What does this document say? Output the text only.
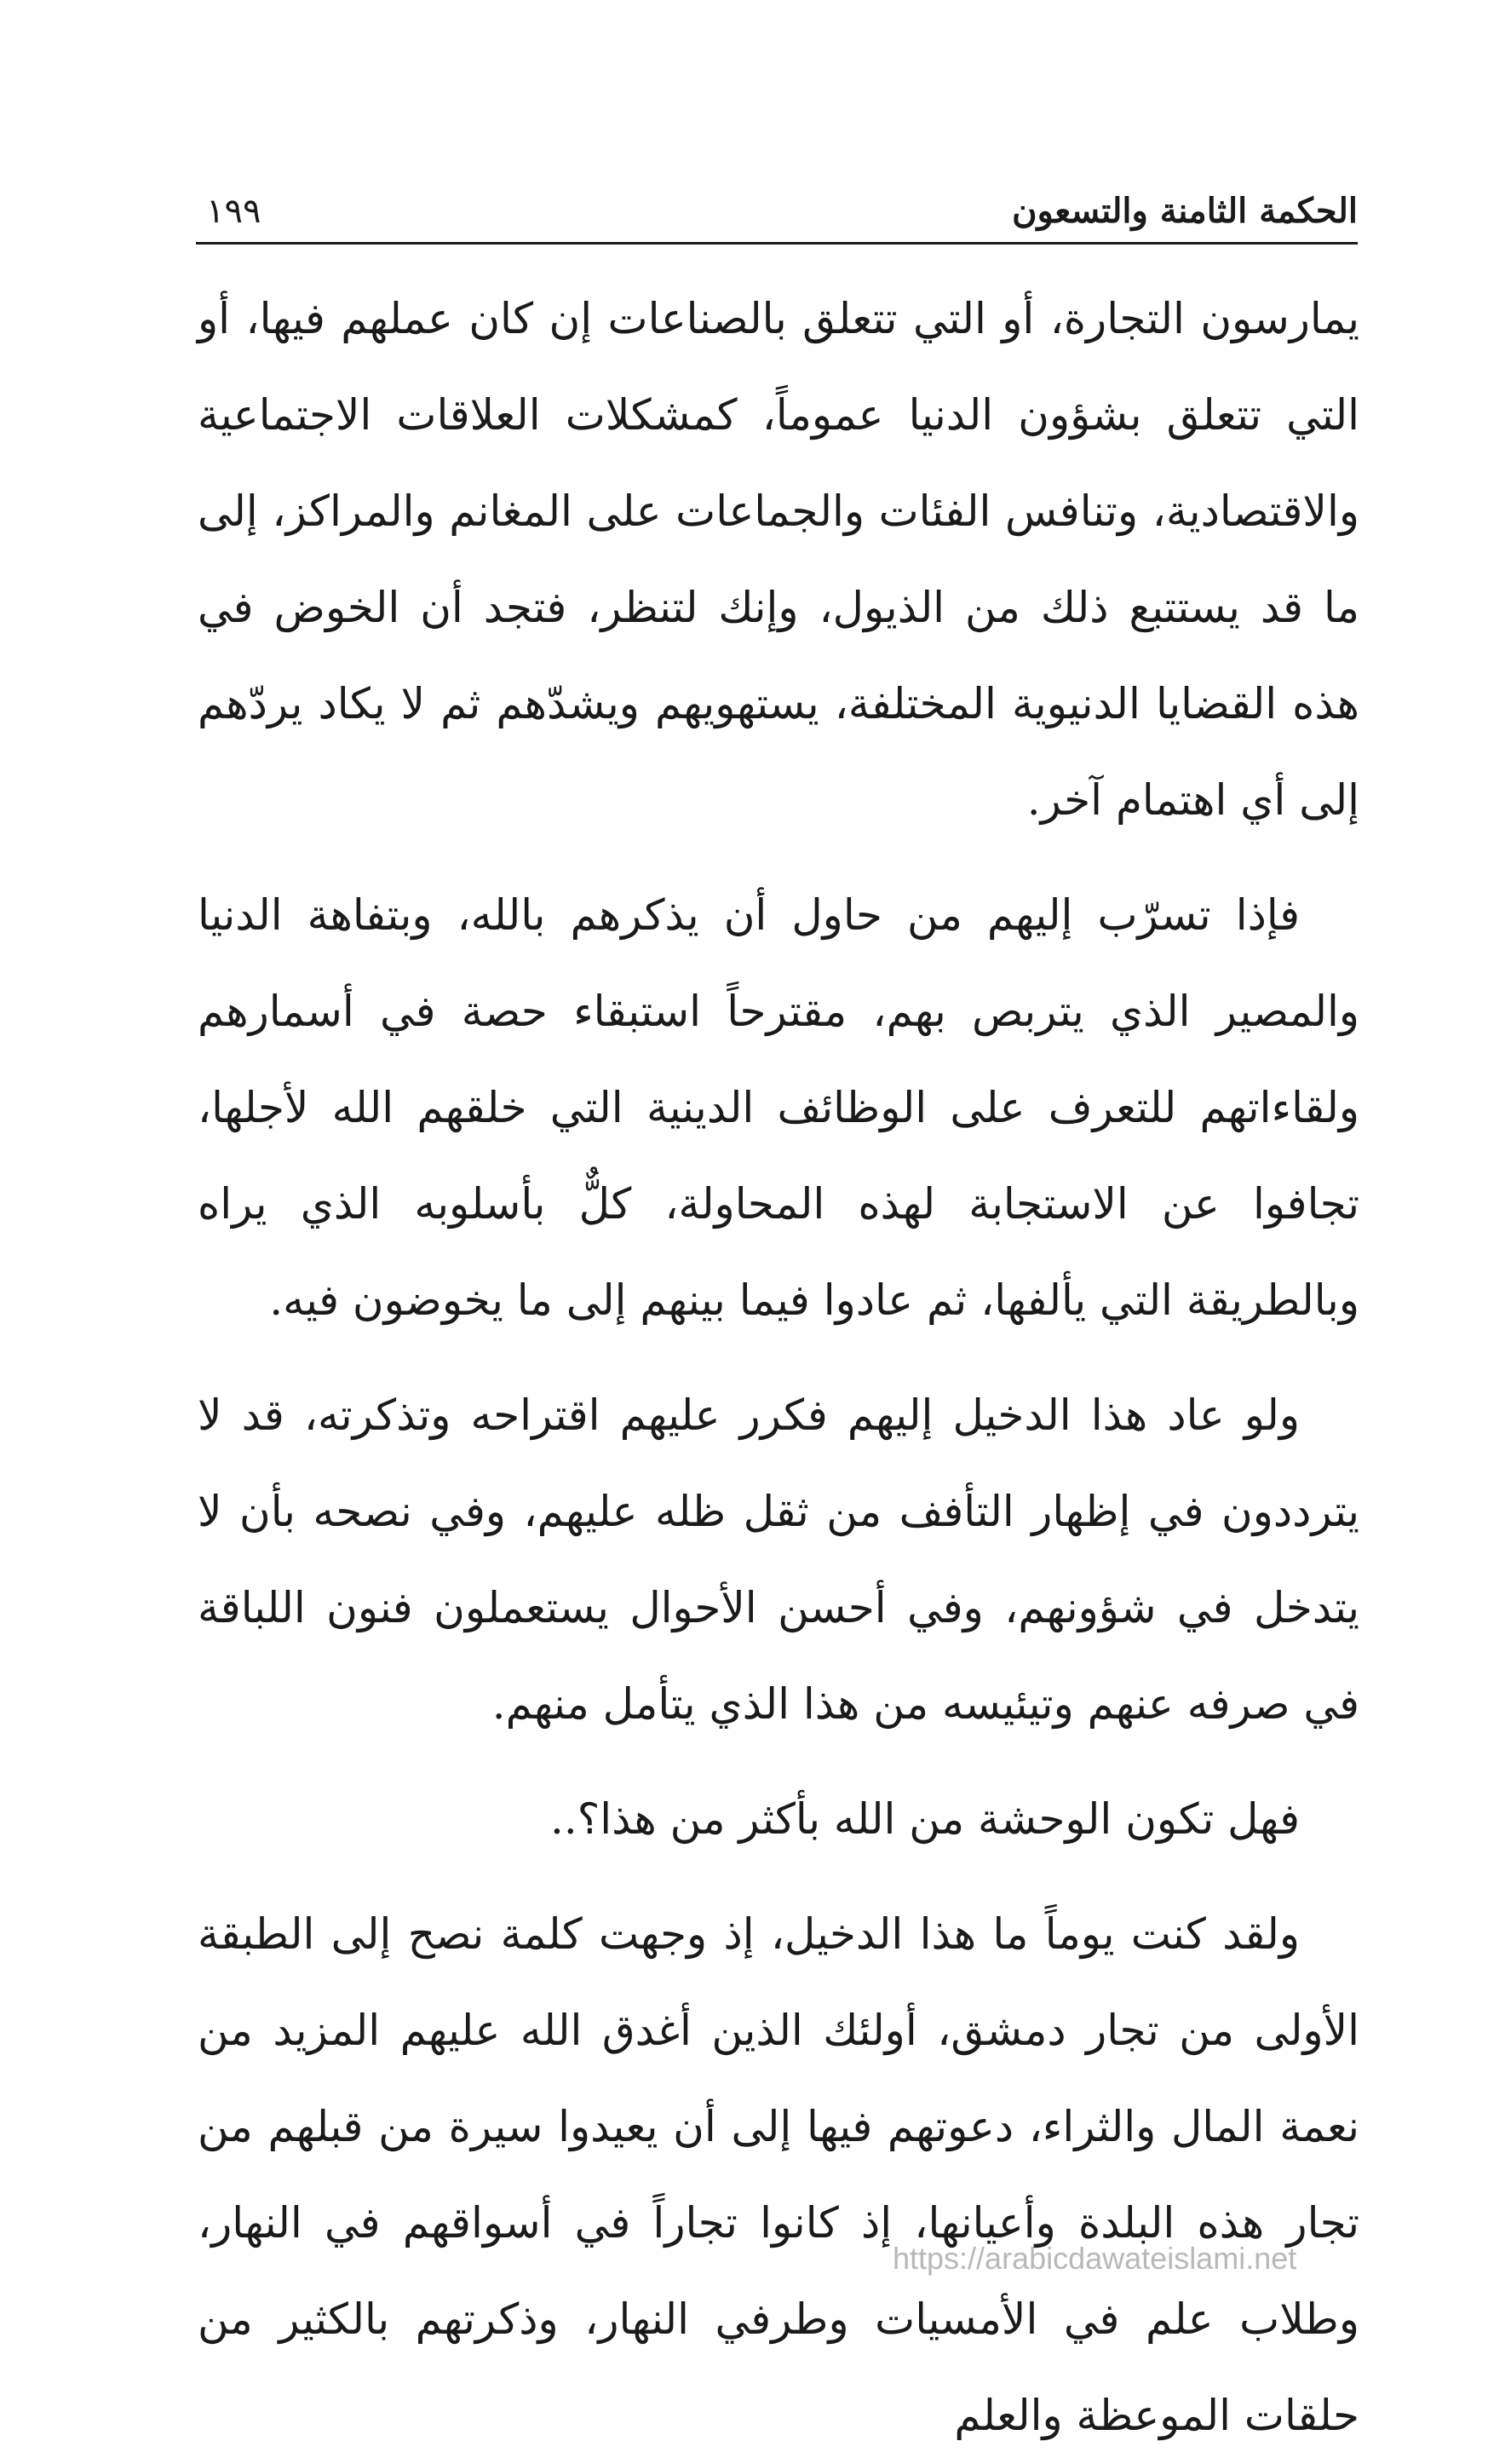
الحكمة الثامنة والتسعون
١٩٩

يمارسون التجارة، أو التي تتعلق بالصناعات إن كان عملهم فيها، أو التي تتعلق بشؤون الدنيا عموماً، كمشكلات العلاقات الاجتماعية والاقتصادية، وتنافس الفئات والجماعات على المغانم والمراكز، إلى ما قد يستتبع ذلك من الذيول، وإنك لتنظر، فتجد أن الخوض في هذه القضايا الدنيوية المختلفة، يستهويهم ويشدّهم ثم لا يكاد يردّهم إلى أي اهتمام آخر.

فإذا تسرّب إليهم من حاول أن يذكرهم بالله، وبتفاهة الدنيا والمصير الذي يتربص بهم، مقترحاً استبقاء حصة في أسمارهم ولقاءاتهم للتعرف على الوظائف الدينية التي خلقهم الله لأجلها، تجافوا عن الاستجابة لهذه المحاولة، كلٌّ بأسلوبه الذي يراه وبالطريقة التي يألفها، ثم عادوا فيما بينهم إلى ما يخوضون فيه.

ولو عاد هذا الدخيل إليهم فكرر عليهم اقتراحه وتذكرته، قد لا يترددون في إظهار التأفف من ثقل ظله عليهم، وفي نصحه بأن لا يتدخل في شؤونهم، وفي أحسن الأحوال يستعملون فنون اللباقة في صرفه عنهم وتيئيسه من هذا الذي يتأمل منهم.

فهل تكون الوحشة من الله بأكثر من هذا؟..

ولقد كنت يوماً ما هذا الدخيل، إذ وجهت كلمة نصح إلى الطبقة الأولى من تجار دمشق، أولئك الذين أغدق الله عليهم المزيد من نعمة المال والثراء، دعوتهم فيها إلى أن يعيدوا سيرة من قبلهم من تجار هذه البلدة وأعيانها، إذ كانوا تجاراً في أسواقهم في النهار، وطلاب علم في الأمسيات وطرفي النهار، وذكرتهم بالكثير من حلقات الموعظة والعلم

https://arabicdawateislami.net
